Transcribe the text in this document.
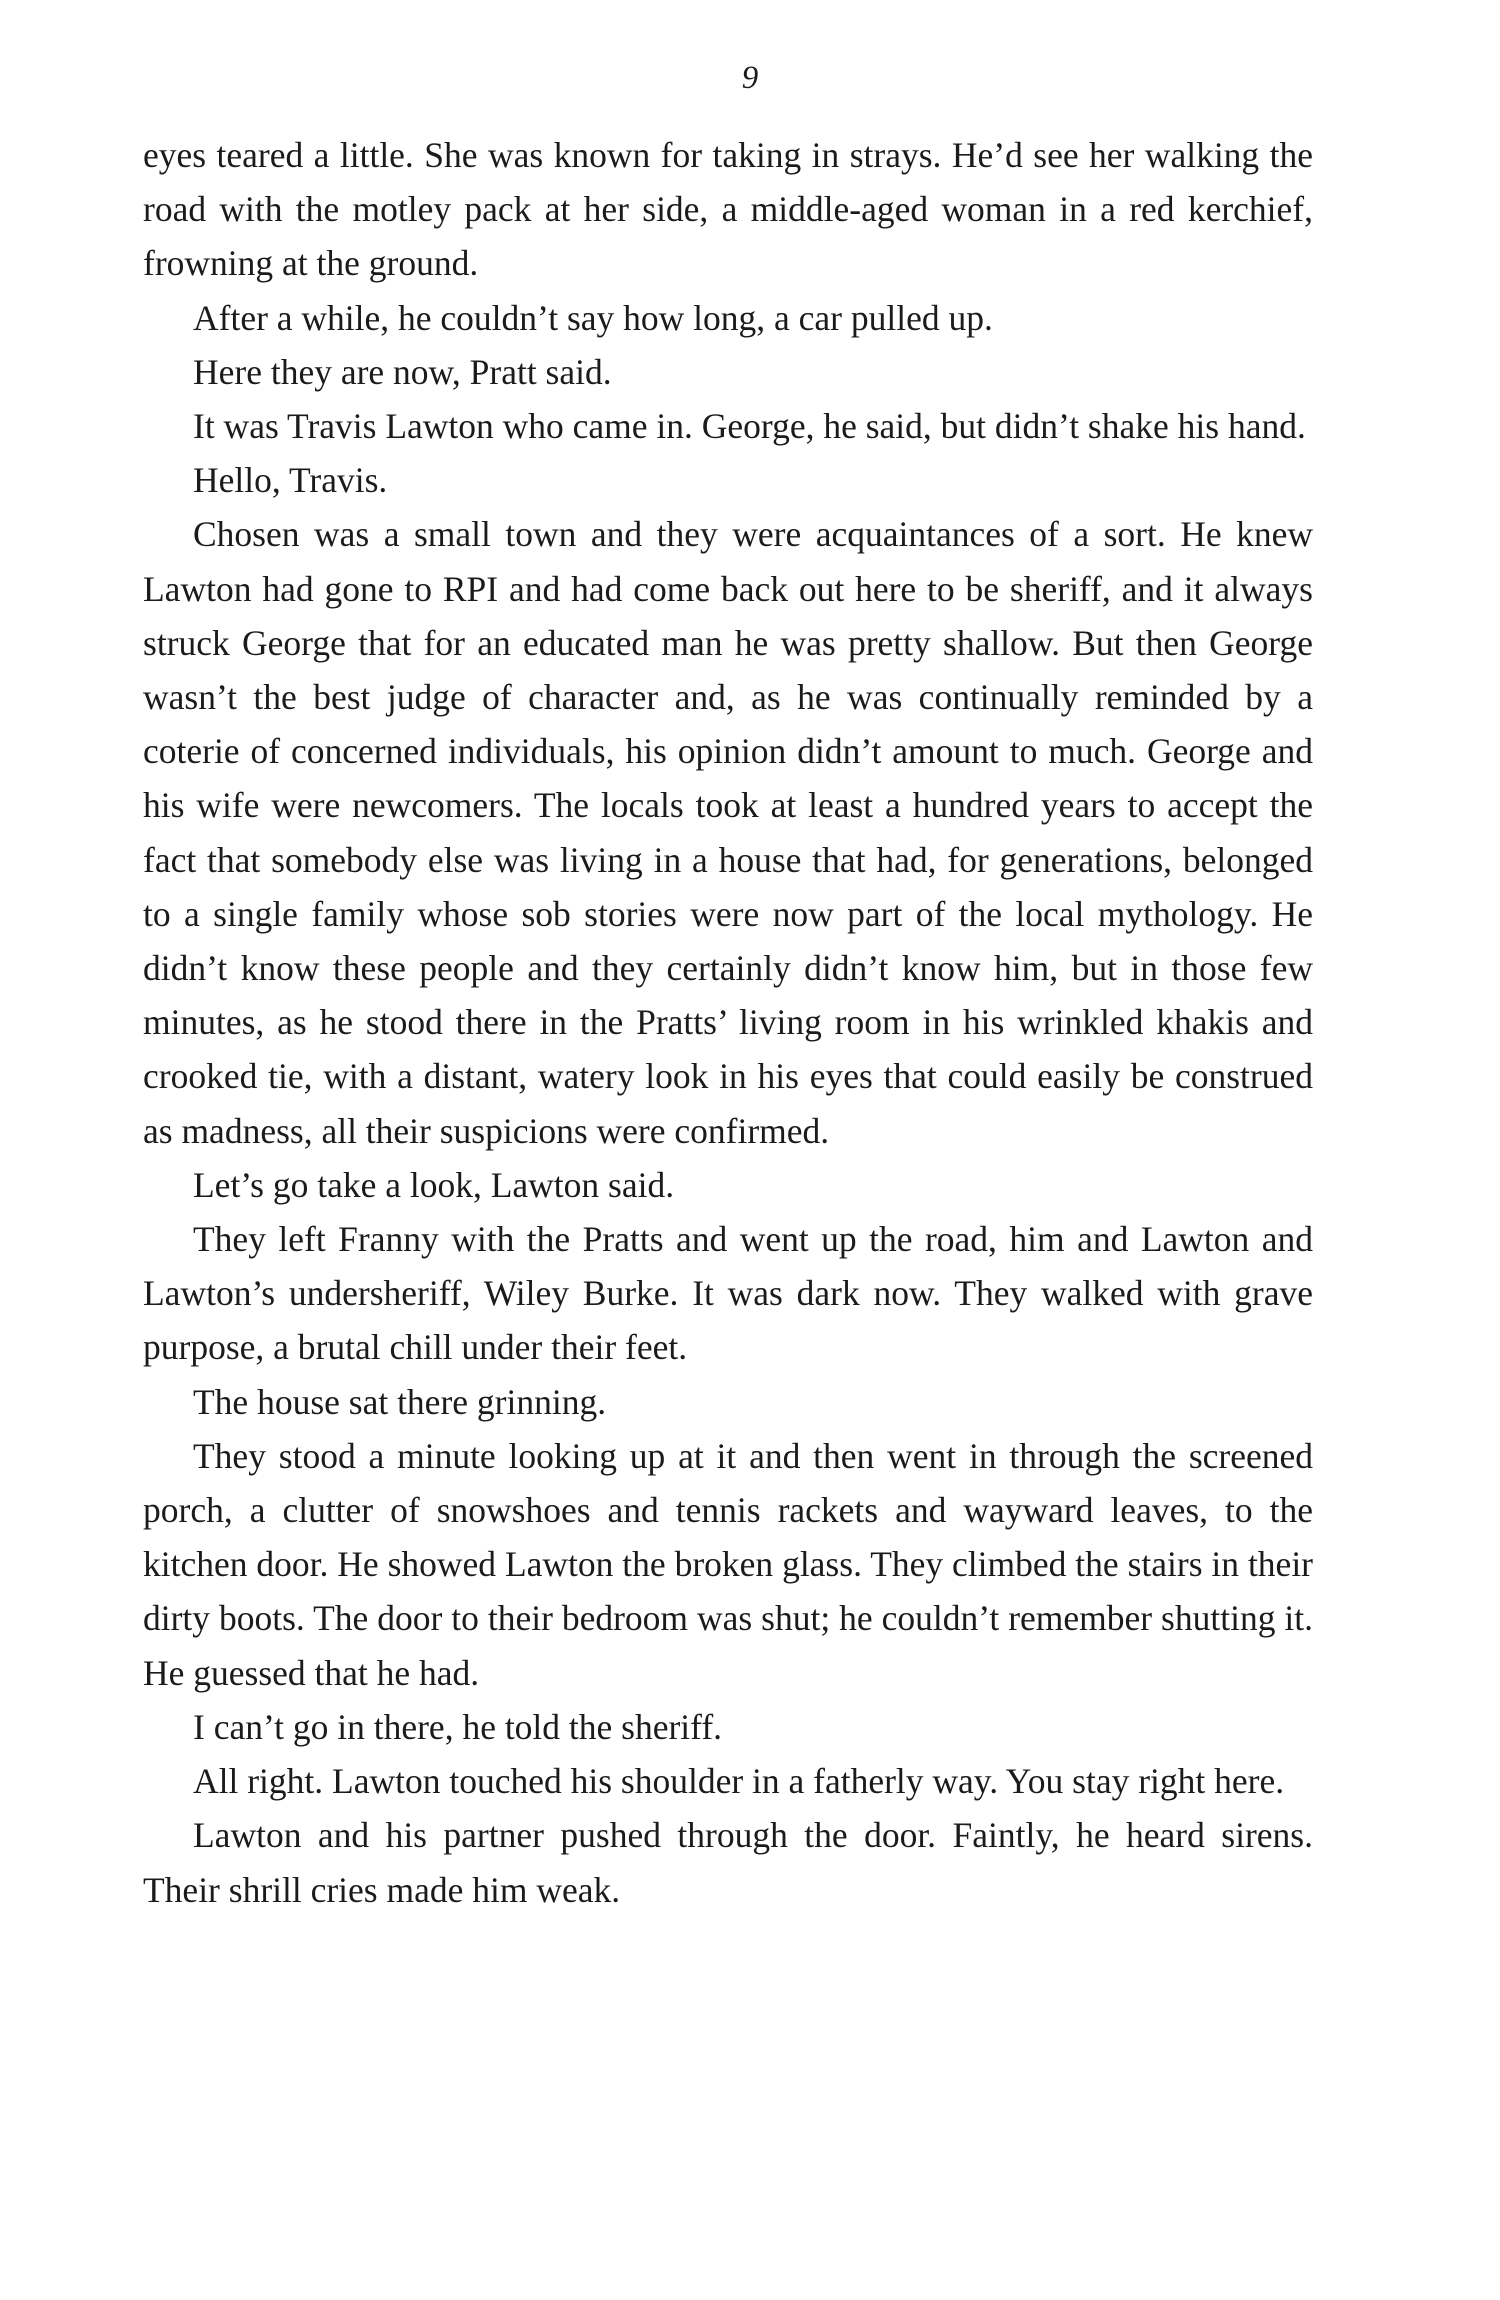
9

eyes teared a little. She was known for taking in strays. He’d see her walking the road with the motley pack at her side, a middle-aged woman in a red kerchief, frowning at the ground.

After a while, he couldn’t say how long, a car pulled up.

Here they are now, Pratt said.

It was Travis Lawton who came in. George, he said, but didn’t shake his hand.

Hello, Travis.

Chosen was a small town and they were acquaintances of a sort. He knew Lawton had gone to RPI and had come back out here to be sheriff, and it always struck George that for an educated man he was pretty shallow. But then George wasn’t the best judge of character and, as he was continually reminded by a coterie of concerned individuals, his opinion didn’t amount to much. George and his wife were newcomers. The locals took at least a hundred years to accept the fact that somebody else was living in a house that had, for generations, belonged to a single family whose sob stories were now part of the local mythology. He didn’t know these people and they certainly didn’t know him, but in those few minutes, as he stood there in the Pratts’ living room in his wrinkled khakis and crooked tie, with a distant, watery look in his eyes that could easily be construed as madness, all their suspicions were confirmed.

Let’s go take a look, Lawton said.

They left Franny with the Pratts and went up the road, him and Lawton and Lawton’s undersheriff, Wiley Burke. It was dark now. They walked with grave purpose, a brutal chill under their feet.

The house sat there grinning.

They stood a minute looking up at it and then went in through the screened porch, a clutter of snowshoes and tennis rackets and wayward leaves, to the kitchen door. He showed Lawton the broken glass. They climbed the stairs in their dirty boots. The door to their bedroom was shut; he couldn’t remember shutting it. He guessed that he had.

I can’t go in there, he told the sheriff.

All right. Lawton touched his shoulder in a fatherly way. You stay right here.

Lawton and his partner pushed through the door. Faintly, he heard sirens. Their shrill cries made him weak.
